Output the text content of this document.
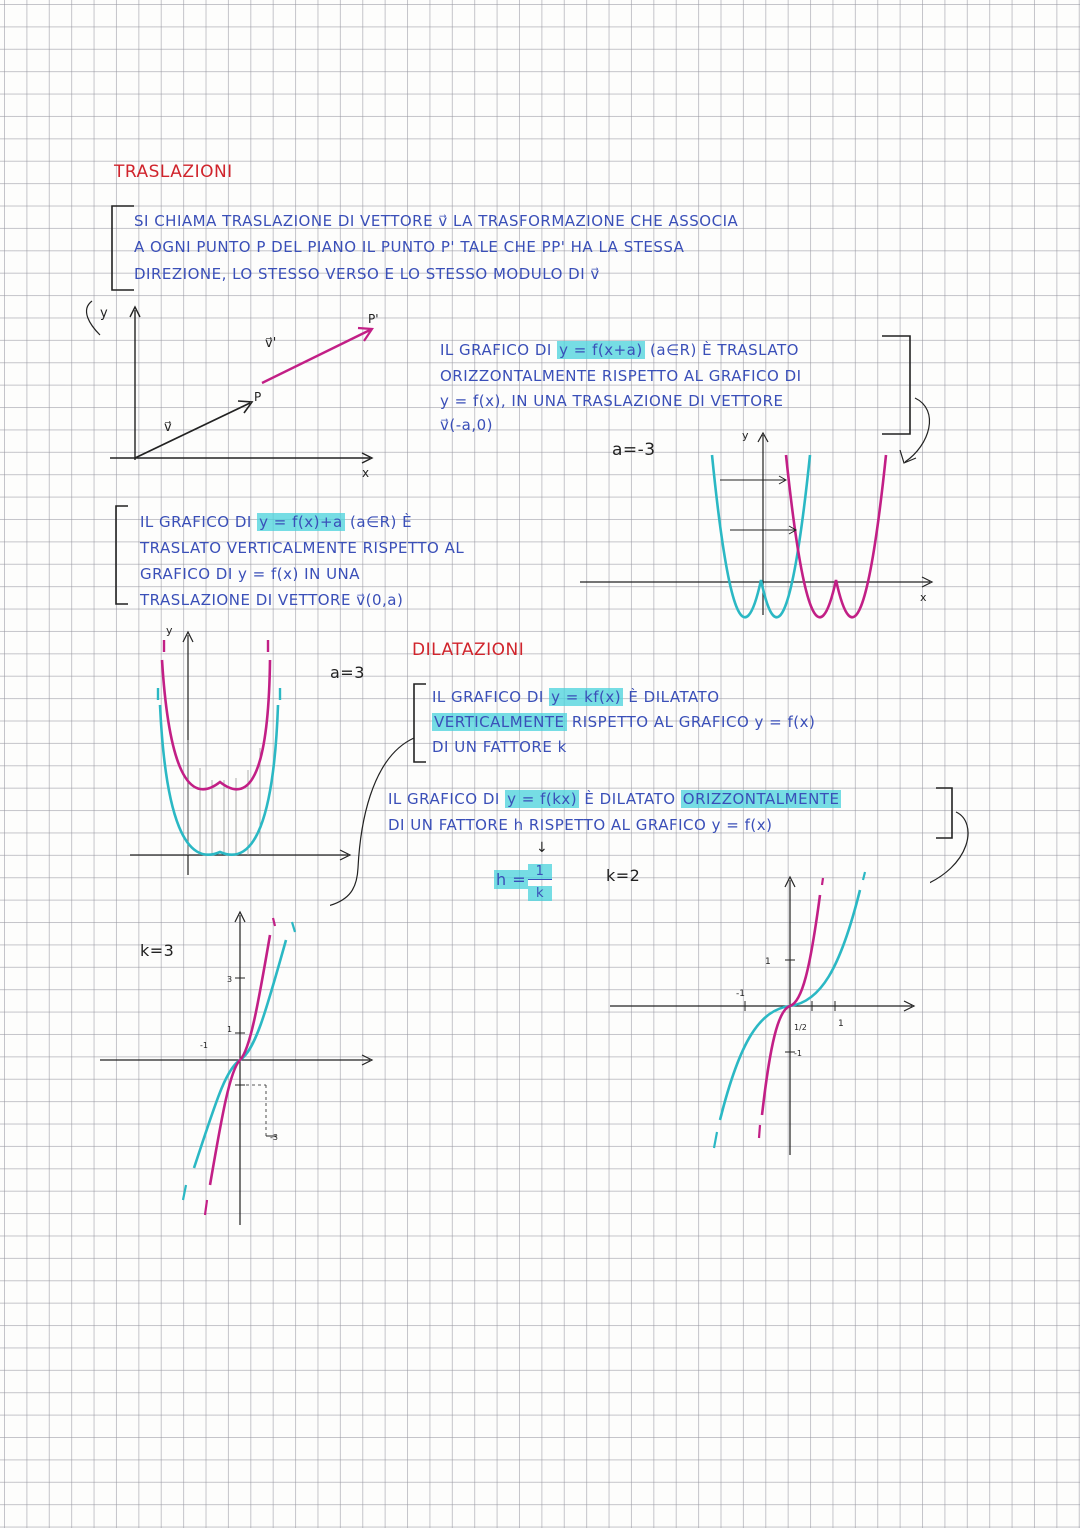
TRASLAZIONI
SI CHIAMA TRASLAZIONE DI VETTORE v⃗ LA TRASFORMAZIONE CHE ASSOCIA
A OGNI PUNTO P DEL PIANO IL PUNTO P' TALE CHE PP' HA LA STESSA
DIREZIONE, LO STESSO VERSO E LO STESSO MODULO DI v⃗
y
x
P
P'
v⃗
v⃗'	IL GRAFICO DI y = f(x+a) (a∈R) È TRASLATO
ORIZZONTALMENTE RISPETTO AL GRAFICO DI
y = f(x), IN UNA TRASLAZIONE DI VETTORE
v⃗(-a,0)
a=-3
y
x
IL GRAFICO DI y = f(x)+a (a∈R) È
TRASLATO VERTICALMENTE RISPETTO AL
GRAFICO DI y = f(x) IN UNA
TRASLAZIONE DI VETTORE v⃗(0,a)
a=3
y
DILATAZIONI
IL GRAFICO DI y = kf(x) È DILATATO
VERTICALMENTE RISPETTO AL GRAFICO y = f(x)
DI UN FATTORE k
IL GRAFICO DI y = f(kx) È DILATATO ORIZZONTALMENTE
DI UN FATTORE h RISPETTO AL GRAFICO y = f(x)
h = 1
k
↓
k=2
k=3
3
1
-1
-3
1
-1
1/2	1
-1
